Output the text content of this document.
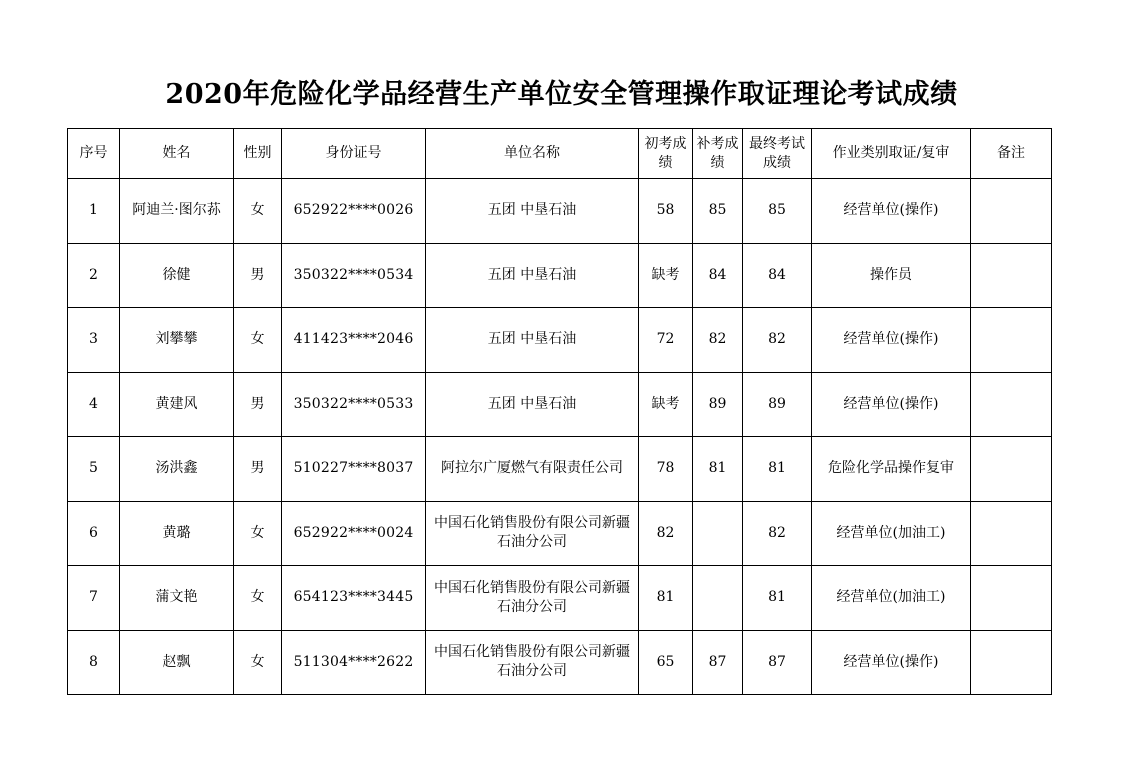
2020年危险化学品经营生产单位安全管理操作取证理论考试成绩
序号	姓名	性别	身份证号	单位名称	初考成绩	补考成绩	最终考试成绩	作业类别取证/复审	备注
1	阿迪兰·图尔荪	女	652922****0026	五团 中垦石油	58	85	85	经营单位(操作)	
2	徐健	男	350322****0534	五团 中垦石油	缺考	84	84	操作员	
3	刘攀攀	女	411423****2046	五团 中垦石油	72	82	82	经营单位(操作)	
4	黄建风	男	350322****0533	五团 中垦石油	缺考	89	89	经营单位(操作)	
5	汤洪鑫	男	510227****8037	阿拉尔广厦燃气有限责任公司	78	81	81	危险化学品操作复审	
6	黄璐	女	652922****0024	中国石化销售股份有限公司新疆石油分公司	82		82	经营单位(加油工)	
7	蒲文艳	女	654123****3445	中国石化销售股份有限公司新疆石油分公司	81		81	经营单位(加油工)	
8	赵飘	女	511304****2622	中国石化销售股份有限公司新疆石油分公司	65	87	87	经营单位(操作)	
